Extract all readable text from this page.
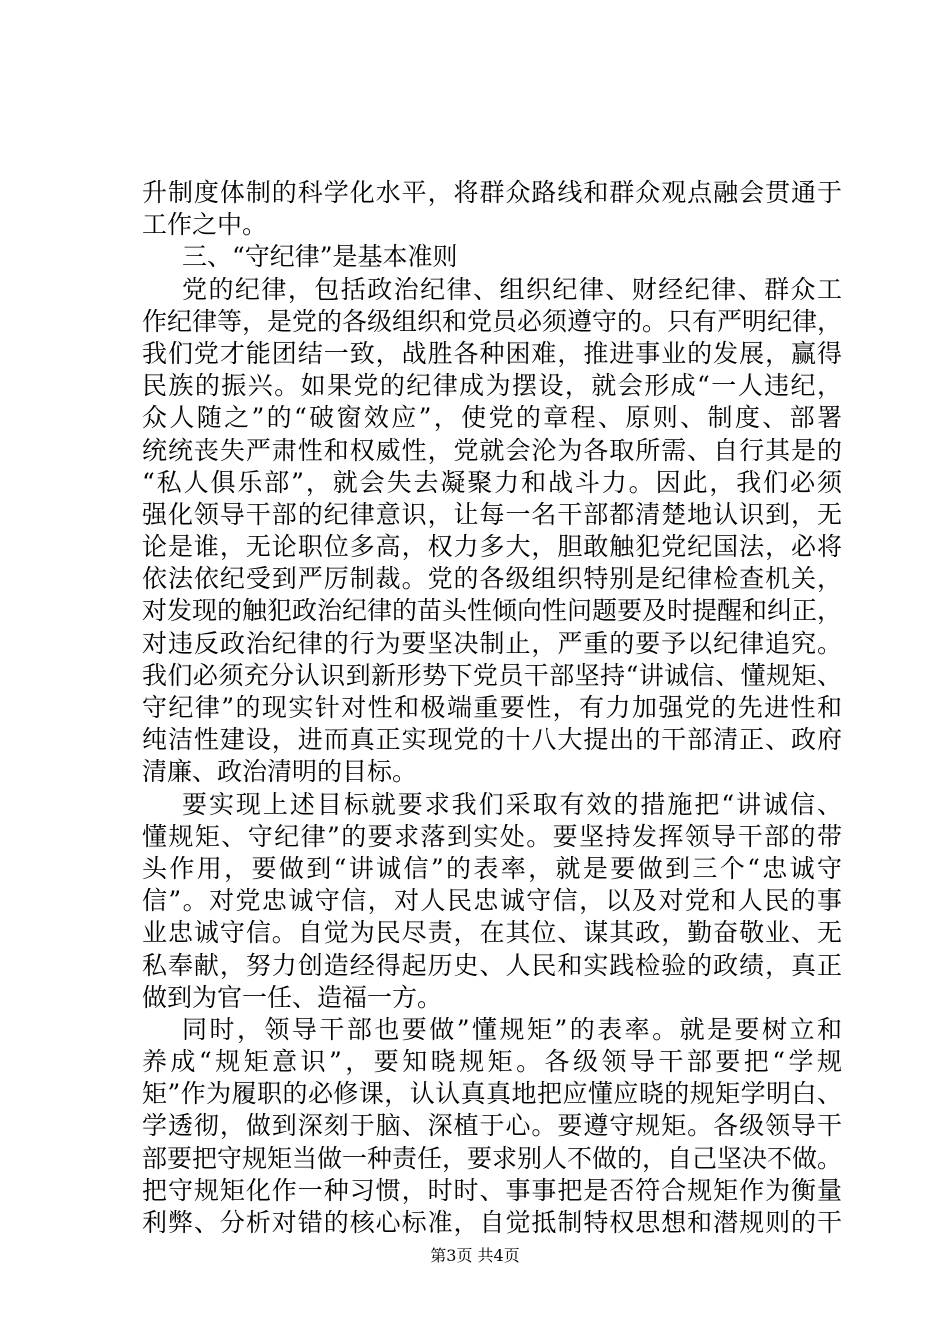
升制度体制的科学化水平，将群众路线和群众观点融会贯通于
工作之中。
三、“守纪律”是基本准则
党的纪律，包括政治纪律、组织纪律、财经纪律、群众工
作纪律等，是党的各级组织和党员必须遵守的。只有严明纪律，
我们党才能团结一致，战胜各种困难，推进事业的发展，赢得
民族的振兴。如果党的纪律成为摆设，就会形成“一人违纪，
众人随之”的“破窗效应”，使党的章程、原则、制度、部署
统统丧失严肃性和权威性，党就会沦为各取所需、自行其是的
“私人俱乐部”，就会失去凝聚力和战斗力。因此，我们必须
强化领导干部的纪律意识，让每一名干部都清楚地认识到，无
论是谁，无论职位多高，权力多大，胆敢触犯党纪国法，必将
依法依纪受到严厉制裁。党的各级组织特别是纪律检查机关，
对发现的触犯政治纪律的苗头性倾向性问题要及时提醒和纠正，
对违反政治纪律的行为要坚决制止，严重的要予以纪律追究。
我们必须充分认识到新形势下党员干部坚持“讲诚信、懂规矩、
守纪律”的现实针对性和极端重要性，有力加强党的先进性和
纯洁性建设，进而真正实现党的十八大提出的干部清正、政府
清廉、政治清明的目标。
要实现上述目标就要求我们采取有效的措施把“讲诚信、
懂规矩、守纪律”的要求落到实处。要坚持发挥领导干部的带
头作用，要做到“讲诚信”的表率，就是要做到三个“忠诚守
信”。对党忠诚守信，对人民忠诚守信，以及对党和人民的事
业忠诚守信。自觉为民尽责，在其位、谋其政，勤奋敬业、无
私奉献，努力创造经得起历史、人民和实践检验的政绩，真正
做到为官一任、造福一方。
同时，领导干部也要做”懂规矩”的表率。就是要树立和
养成“规矩意识”，要知晓规矩。各级领导干部要把“学规
矩”作为履职的必修课，认认真真地把应懂应晓的规矩学明白、
学透彻，做到深刻于脑、深植于心。要遵守规矩。各级领导干
部要把守规矩当做一种责任，要求别人不做的，自己坚决不做。
把守规矩化作一种习惯，时时、事事把是否符合规矩作为衡量
利弊、分析对错的核心标准，自觉抵制特权思想和潜规则的干
第3页 共4页
